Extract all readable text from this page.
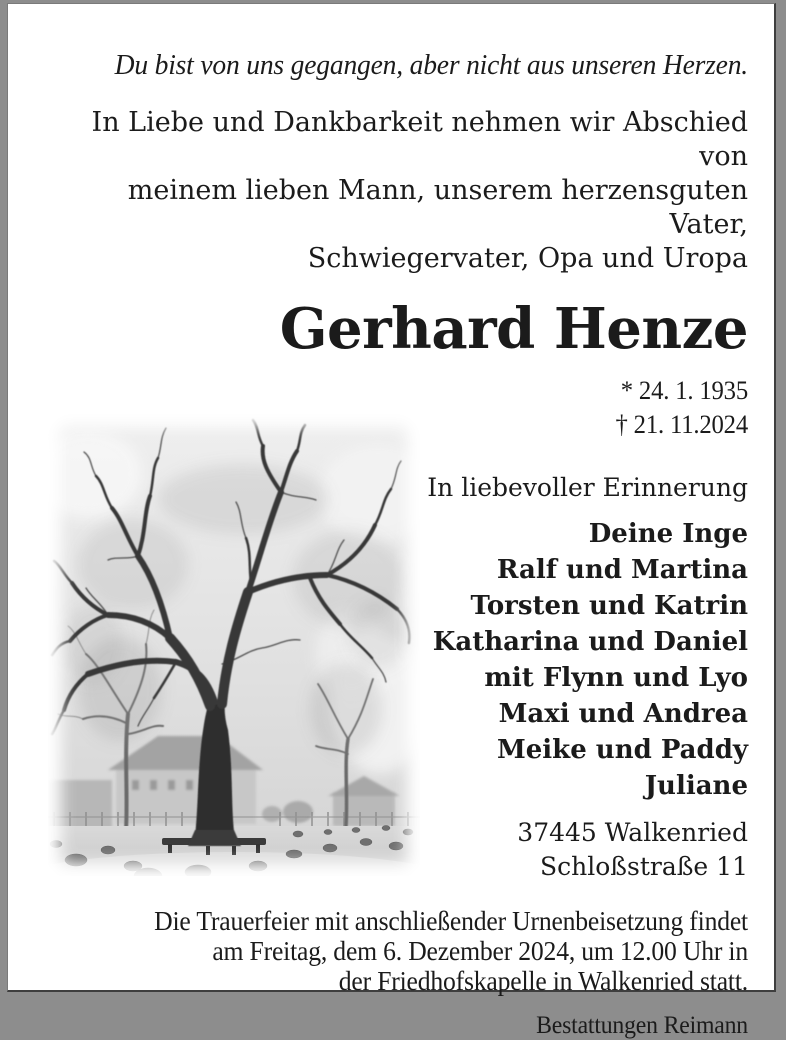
Du bist von uns gegangen, aber nicht aus unseren Herzen.
In Liebe und Dankbarkeit nehmen wir Abschied von
meinem lieben Mann, unserem herzensguten Vater,
Schwiegervater, Opa und Uropa
Gerhard Henze
* 24. 1. 1935
† 21. 11.2024
In liebevoller Erinnerung
Deine Inge
Ralf und Martina
Torsten und Katrin
Katharina und Daniel
mit Flynn und Lyo
Maxi und Andrea
Meike und Paddy
Juliane
37445 Walkenried
Schloßstraße 11
Die Trauerfeier mit anschließender Urnenbeisetzung findet
am Freitag, dem 6. Dezember 2024, um 12.00 Uhr in
der Friedhofskapelle in Walkenried statt.
Bestattungen Reimann
